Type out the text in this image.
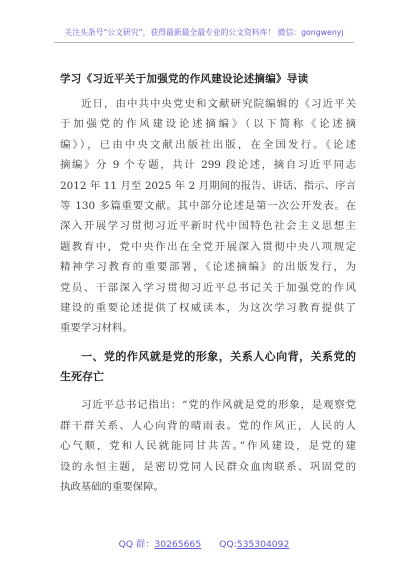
关注头条号“公文研究”，获得最新最全最专业的公文资料库！ 微信：gongwenyj
学习《习近平关于加强党的作风建设论述摘编》导读
近日，由中共中央党史和文献研究院编辑的《习近平关
于加强党的作风建设论述摘编》（以下简称《论述摘
编》），已由中央文献出版社出版，在全国发行。《论述
摘编》分 9 个专题，共计 299 段论述，摘自习近平同志
2012 年 11 月至 2025 年 2 月期间的报告、讲话、指示、序言
等 130 多篇重要文献。其中部分论述是第一次公开发表。在
深入开展学习贯彻习近平新时代中国特色社会主义思想主
题教育中，党中央作出在全党开展深入贯彻中央八项规定
精神学习教育的重要部署，《论述摘编》的出版发行，为
党员、干部深入学习贯彻习近平总书记关于加强党的作风
建设的重要论述提供了权威读本，为这次学习教育提供了
重要学习材料。
一、党的作风就是党的形象，关系人心向背，关系党的
生死存亡
习近平总书记指出：“党的作风就是党的形象，是观察党
群干群关系、人心向背的晴雨表。党的作风正，人民的人
心气顺，党和人民就能同甘共苦。”作风建设，是党的建
设的永恒主题，是密切党同人民群众血肉联系、巩固党的
执政基础的重要保障。
QQ 群：30265665 QQ:535304092
